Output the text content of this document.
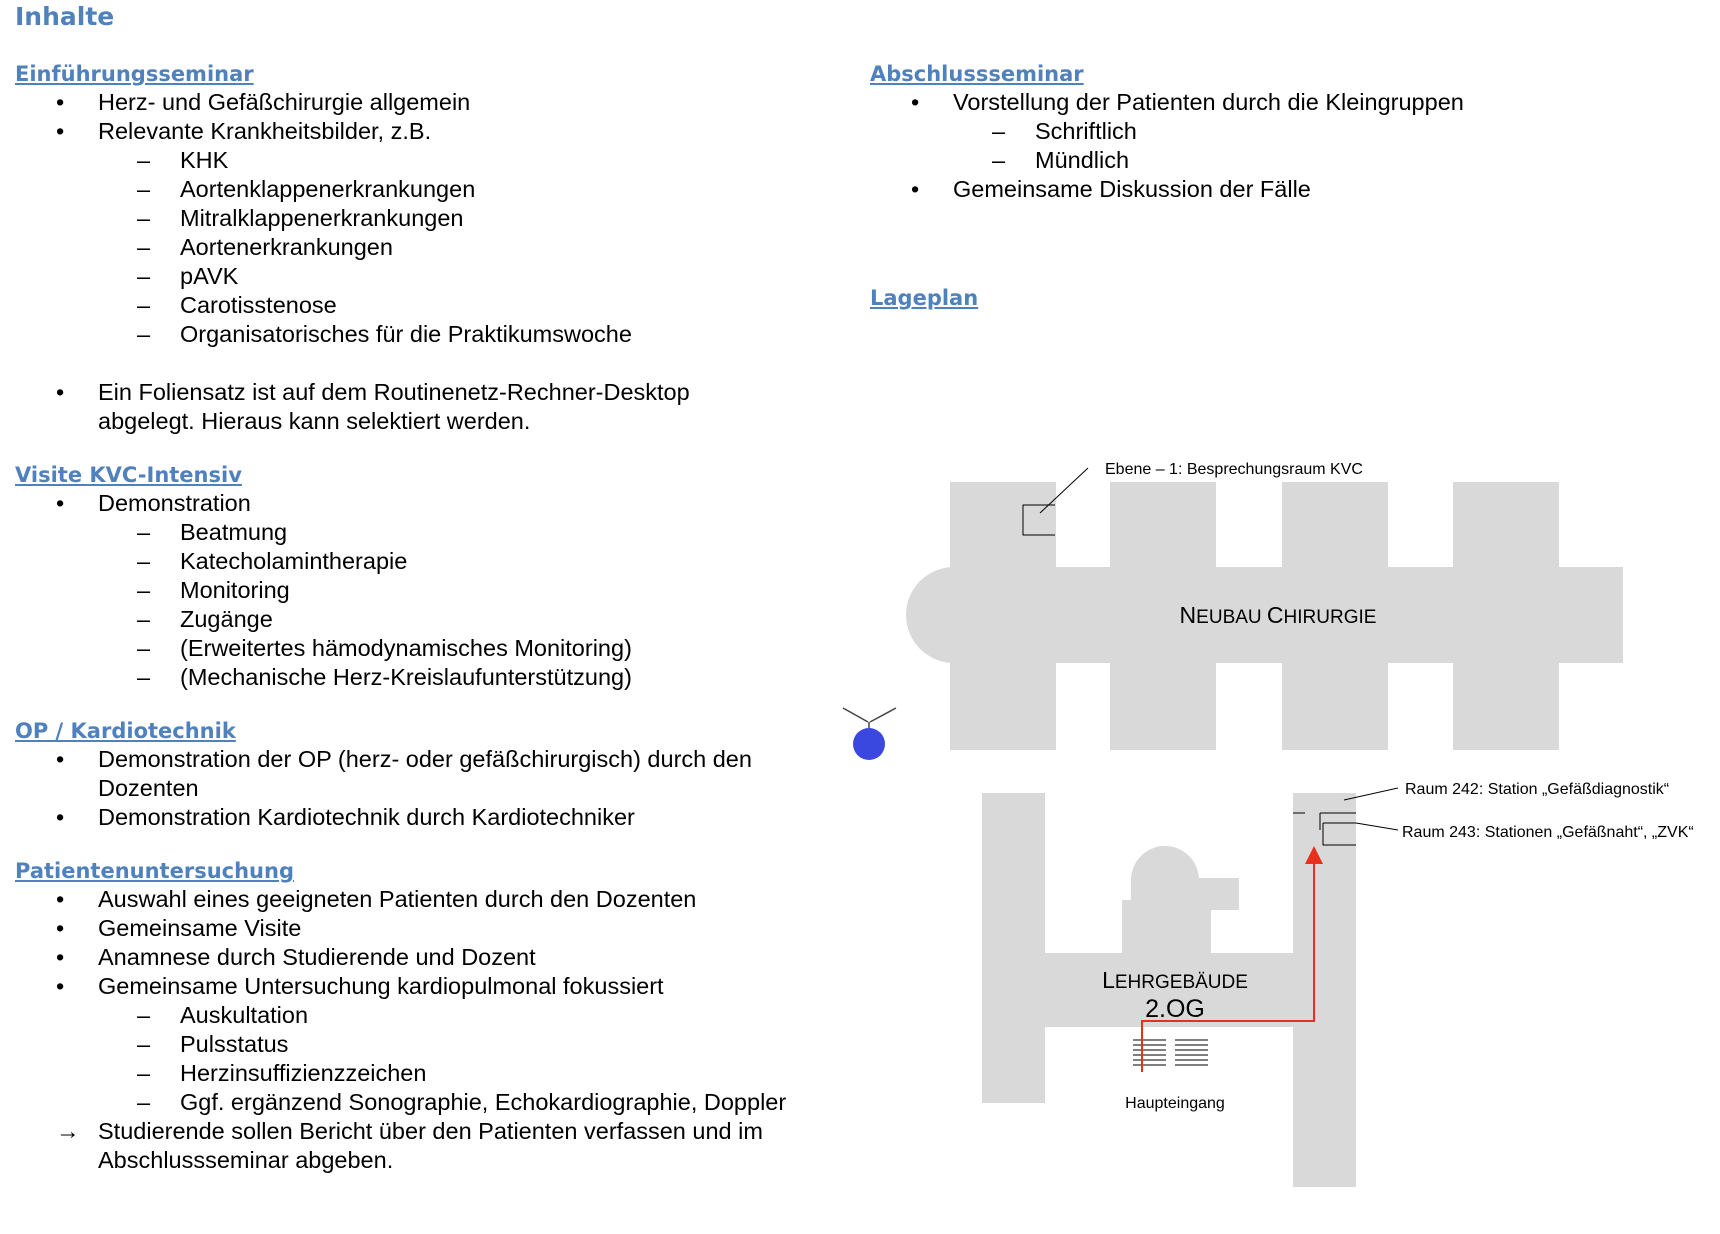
Inhalte
Einführungsseminar
•	Herz- und Gefäßchirurgie allgemein
•	Relevante Krankheitsbilder, z.B.
–	KHK
–	Aortenklappenerkrankungen
–	Mitralklappenerkrankungen
–	Aortenerkrankungen
–	pAVK
–	Carotisstenose
–	Organisatorisches für die Praktikumswoche
•	Ein Foliensatz ist auf dem Routinenetz-Rechner-Desktop abgelegt. Hieraus kann selektiert werden.
Visite KVC-Intensiv
•	Demonstration
–	Beatmung
–	Katecholamintherapie
–	Monitoring
–	Zugänge
–	(Erweitertes hämodynamisches Monitoring)
–	(Mechanische Herz-Kreislaufunterstützung)
OP / Kardiotechnik
•	Demonstration der OP (herz- oder gefäßchirurgisch) durch den Dozenten
•	Demonstration Kardiotechnik durch Kardiotechniker
Patientenuntersuchung
•	Auswahl eines geeigneten Patienten durch den Dozenten
•	Gemeinsame Visite
•	Anamnese durch Studierende und Dozent
•	Gemeinsame Untersuchung kardiopulmonal fokussiert
–	Auskultation
–	Pulsstatus
–	Herzinsuffizienzzeichen
–	Ggf. ergänzend Sonographie, Echokardiographie, Doppler
→ Studierende sollen Bericht über den Patienten verfassen und im Abschlussseminar abgeben.
Abschlussseminar
•	Vorstellung der Patienten durch die Kleingruppen
–	Schriftlich
–	Mündlich
•	Gemeinsame Diskussion der Fälle
Lageplan
Ebene – 1: Besprechungsraum KVC
Raum 242: Station „Gefäßdiagnostik“
Raum 243: Stationen „Gefäßnaht“, „ZVK“
NEUBAU CHIRURGIE
LEHRGEBÄUDE
2.OG
Haupteingang
